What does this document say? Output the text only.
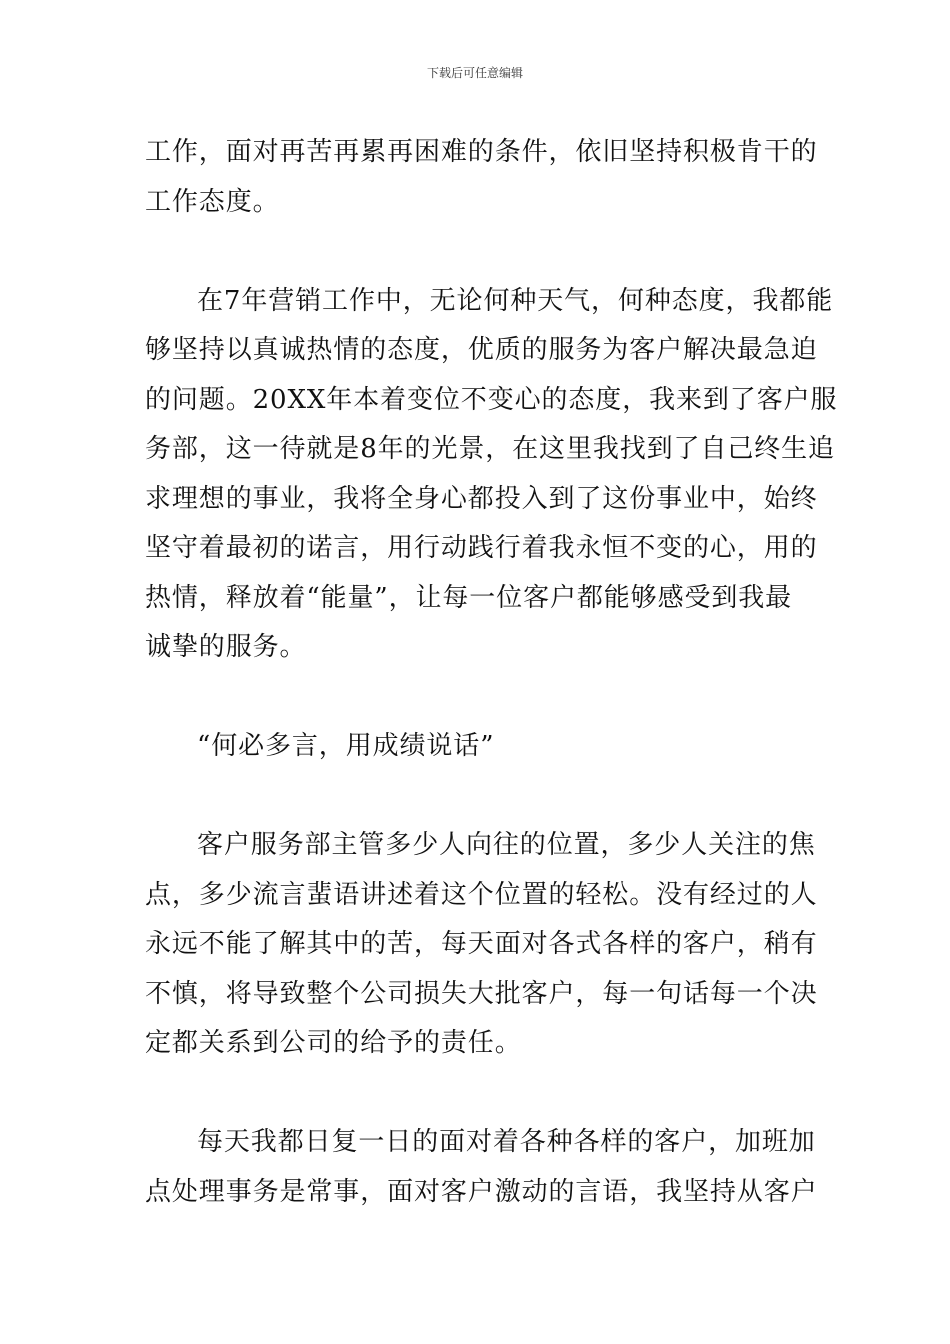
下载后可任意编辑
工作，面对再苦再累再困难的条件，依旧坚持积极肯干的
工作态度。
在7年营销工作中，无论何种天气，何种态度，我都能
够坚持以真诚热情的态度，优质的服务为客户解决最急迫
的问题。20XX年本着变位不变心的态度，我来到了客户服
务部，这一待就是8年的光景，在这里我找到了自己终生追
求理想的事业，我将全身心都投入到了这份事业中，始终
坚守着最初的诺言，用行动践行着我永恒不变的心，用的
热情，释放着“能量”，让每一位客户都能够感受到我最
诚挚的服务。
“何必多言，用成绩说话”
客户服务部主管多少人向往的位置，多少人关注的焦
点，多少流言蜚语讲述着这个位置的轻松。没有经过的人
永远不能了解其中的苦，每天面对各式各样的客户，稍有
不慎，将导致整个公司损失大批客户，每一句话每一个决
定都关系到公司的给予的责任。
每天我都日复一日的面对着各种各样的客户，加班加
点处理事务是常事，面对客户激动的言语，我坚持从客户
